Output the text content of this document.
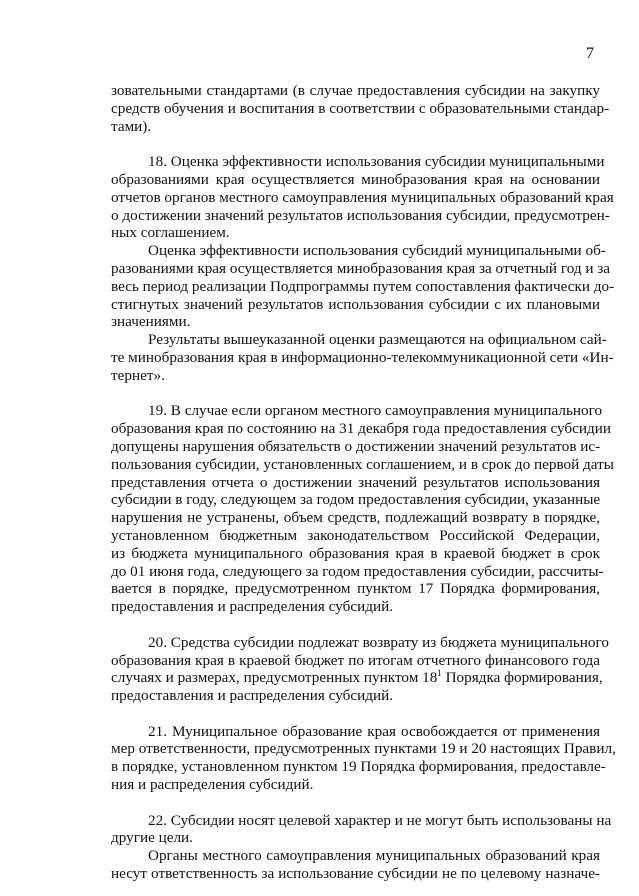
7
зовательными стандартами (в случае предоставления субсидии на закупку
средств обучения и воспитания в соответствии с образовательными стандар-
тами).
18. Оценка эффективности использования субсидии муниципальными
образованиями края осуществляется минобразования края на основании
отчетов органов местного самоуправления муниципальных образований края
о достижении значений результатов использования субсидии, предусмотрен-
ных соглашением.
Оценка эффективности использования субсидий муниципальными об-
разованиями края осуществляется минобразования края за отчетный год и за
весь период реализации Подпрограммы путем сопоставления фактически до-
стигнутых значений результатов использования субсидии с их плановыми
значениями.
Результаты вышеуказанной оценки размещаются на официальном сай-
те минобразования края в информационно-телекоммуникационной сети «Ин-
тернет».
19. В случае если органом местного самоуправления муниципального
образования края по состоянию на 31 декабря года предоставления субсидии
допущены нарушения обязательств о достижении значений результатов ис-
пользования субсидии, установленных соглашением, и в срок до первой даты
представления отчета о достижении значений результатов использования
субсидии в году, следующем за годом предоставления субсидии, указанные
нарушения не устранены, объем средств, подлежащий возврату в порядке,
установленном бюджетным законодательством Российской Федерации,
из бюджета муниципального образования края в краевой бюджет в срок
до 01 июня года, следующего за годом предоставления субсидии, рассчиты-
вается в порядке, предусмотренном пунктом 17 Порядка формирования,
предоставления и распределения субсидий.
20. Средства субсидии подлежат возврату из бюджета муниципального
образования края в краевой бюджет по итогам отчетного финансового года
случаях и размерах, предусмотренных пунктом $18^1$ Порядка формирования,
предоставления и распределения субсидий.
21. Муниципальное образование края освобождается от применения
мер ответственности, предусмотренных пунктами 19 и 20 настоящих Правил,
в порядке, установленном пунктом 19 Порядка формирования, предоставле-
ния и распределения субсидий.
22. Субсидии носят целевой характер и не могут быть использованы на
другие цели.
Органы местного самоуправления муниципальных образований края
несут ответственность за использование субсидии не по целевому назначе-
